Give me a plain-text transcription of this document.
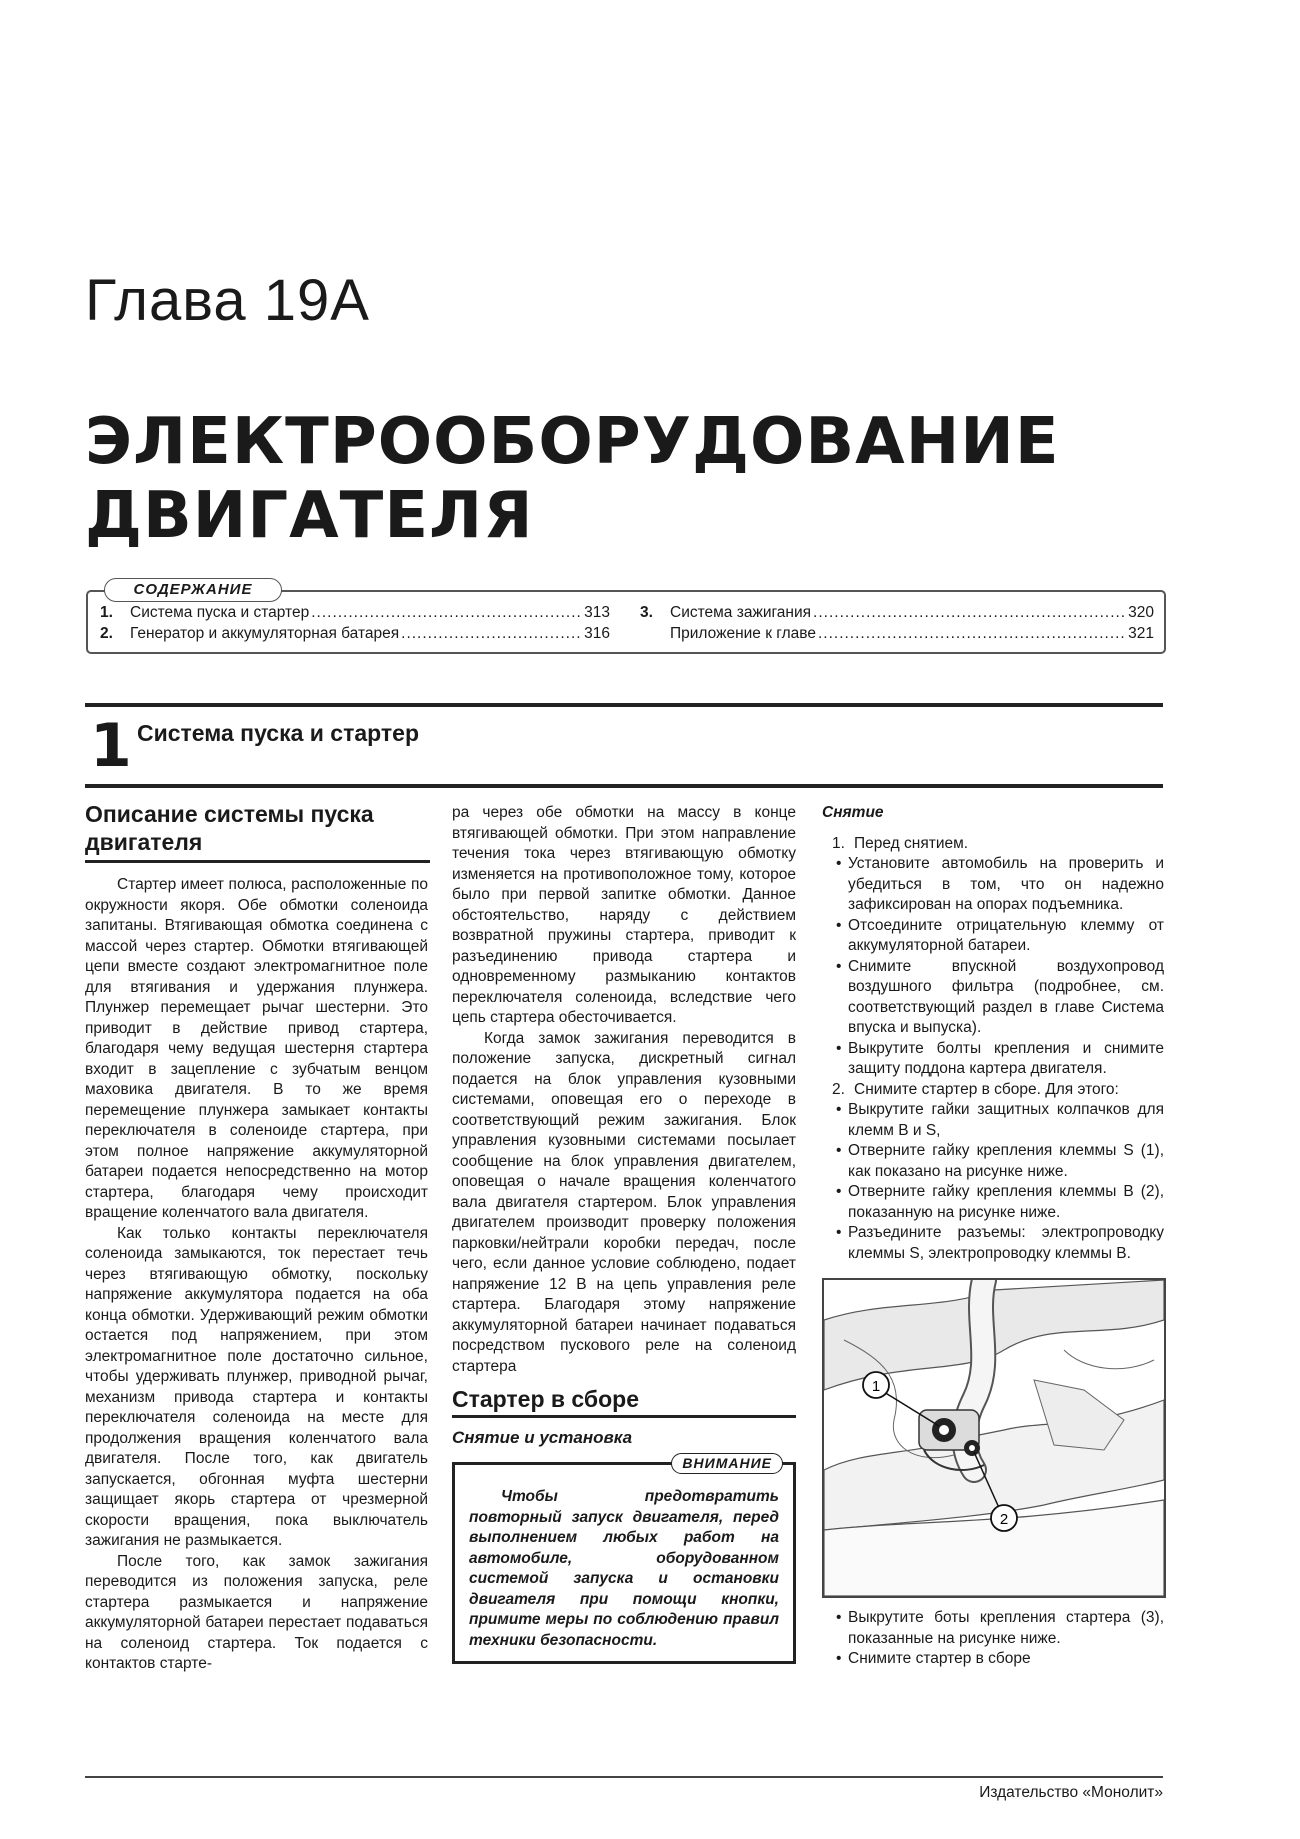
Глава 19А
ЭЛЕКТРООБОРУДОВАНИЕ
ДВИГАТЕЛЯ
СОДЕРЖАНИЕ
1.	Система пуска и стартер .....	313
2.	Генератор и аккумуляторная батарея .....	316
3.	Система зажигания .....	320
Приложение к главе .....	321
1 Система пуска и стартер

Описание системы пуска двигателя

Стартер имеет полюса, расположенные по окружности якоря. Обе обмотки соленоида запитаны. Втягивающая обмотка соединена с массой через стартер. Обмотки втягивающей цепи вместе создают электромагнитное поле для втягивания и удержания плунжера. Плунжер перемещает рычаг шестерни. Это приводит в действие привод стартера, благодаря чему ведущая шестерня стартера входит в зацепление с зубчатым венцом маховика двигателя. В то же время перемещение плунжера замыкает контакты переключателя в соленоиде стартера, при этом полное напряжение аккумуляторной батареи подается непосредственно на мотор стартера, благодаря чему происходит вращение коленчатого вала двигателя.

Как только контакты переключателя соленоида замыкаются, ток перестает течь через втягивающую обмотку, поскольку напряжение аккумулятора подается на оба конца обмотки. Удерживающий режим обмотки остается под напряжением, при этом электромагнитное поле достаточно сильное, чтобы удерживать плунжер, приводной рычаг, механизм привода стартера и контакты переключателя соленоида на месте для продолжения вращения коленчатого вала двигателя. После того, как двигатель запускается, обгонная муфта шестерни защищает якорь стартера от чрезмерной скорости вращения, пока выключатель зажигания не размыкается.

После того, как замок зажигания переводится из положения запуска, реле стартера размыкается и напряжение аккумуляторной батареи перестает подаваться на соленоид стартера. Ток подается с контактов старте-

ра через обе обмотки на массу в конце втягивающей обмотки. При этом направление течения тока через втягивающую обмотку изменяется на противоположное тому, которое было при первой запитке обмотки. Данное обстоятельство, наряду с действием возвратной пружины стартера, приводит к разъединению привода стартера и одновременному размыканию контактов переключателя соленоида, вследствие чего цепь стартера обесточивается.

Когда замок зажигания переводится в положение запуска, дискретный сигнал подается на блок управления кузовными системами, оповещая его о переходе в соответствующий режим зажигания. Блок управления кузовными системами посылает сообщение на блок управления двигателем, оповещая о начале вращения коленчатого вала двигателя стартером. Блок управления двигателем производит проверку положения парковки/нейтрали коробки передач, после чего, если данное условие соблюдено, подает напряжение 12 В на цепь управления реле стартера. Благодаря этому напряжение аккумуляторной батареи начинает подаваться посредством пускового реле на соленоид стартера

Стартер в сборе

Снятие и установка

ВНИМАНИЕ

Чтобы предотвратить повторный запуск двигателя, перед выполнением любых работ на автомобиле, оборудованном системой запуска и остановки двигателя при помощи кнопки, примите меры по соблюдению правил техники безопасности.

Снятие

1. Перед снятием.

• Установите автомобиль на проверить и убедиться в том, что он надежно зафиксирован на опорах подъемника.

• Отсоедините отрицательную клемму от аккумуляторной батареи.

• Снимите впускной воздухопровод воздушного фильтра (подробнее, см. соответствующий раздел в главе Система впуска и выпуска).

• Выкрутите болты крепления и снимите защиту поддона картера двигателя.

2. Снимите стартер в сборе. Для этого:

• Выкрутите гайки защитных колпачков для клемм В и S,

• Отверните гайку крепления клеммы S (1), как показано на рисунке ниже.

• Отверните гайку крепления клеммы В (2), показанную на рисунке ниже.

• Разъедините разъемы: электропроводку клеммы S, электропроводку клеммы В.

1
2

• Выкрутите боты крепления стартера (3), показанные на рисунке ниже.

• Снимите стартер в сборе

Издательство «Монолит»
